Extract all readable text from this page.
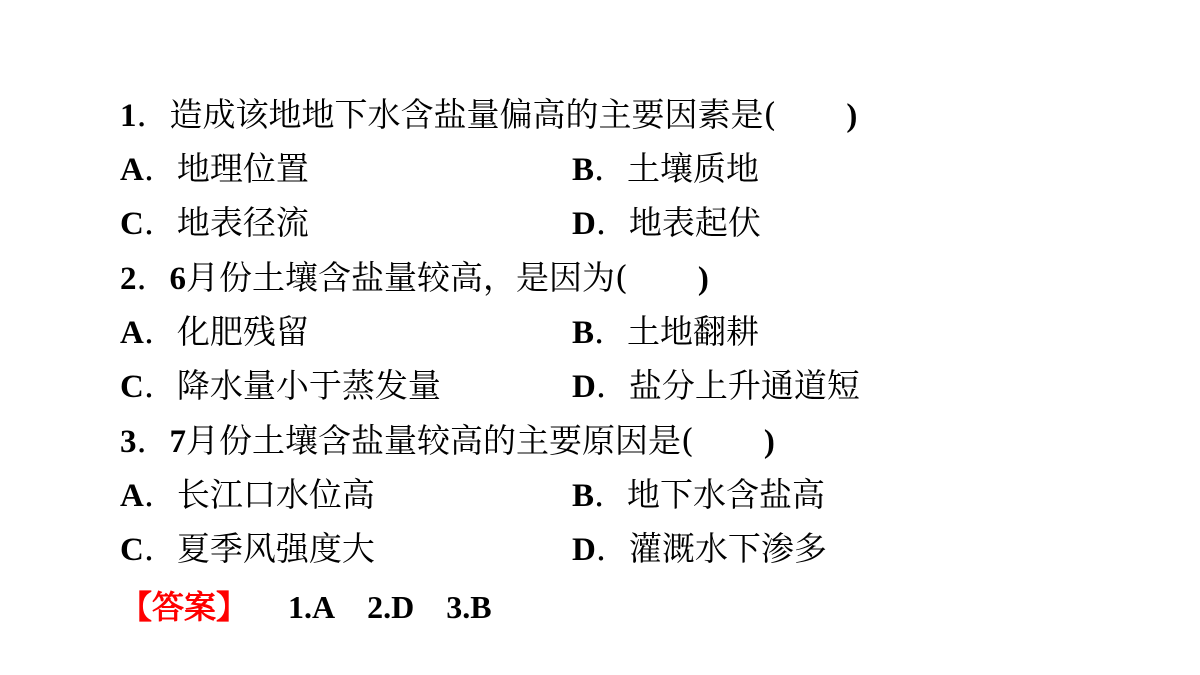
1．造成该地地下水含盐量偏高的主要因素是( )
A．地理位置	B．土壤质地
C．地表径流	D．地表起伏
2．6月份土壤含盐量较高，是因为( )
A．化肥残留	B．土地翻耕
C．降水量小于蒸发量	D．盐分上升通道短
3．7月份土壤含盐量较高的主要原因是( )
A．长江口水位高	B．地下水含盐高
C．夏季风强度大	D．灌溉水下渗多
【答案】 1.A 2.D 3.B
